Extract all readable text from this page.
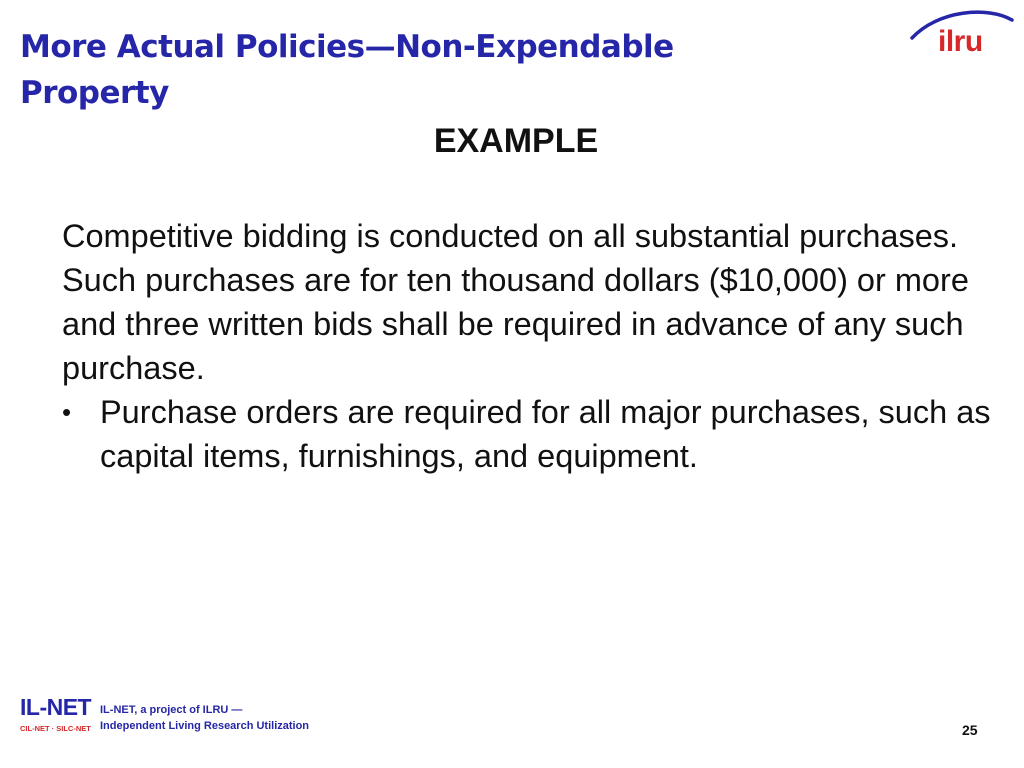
More Actual Policies—Non-Expendable Property
ilru
EXAMPLE

Competitive bidding is conducted on all substantial purchases. Such purchases are for ten thousand dollars ($10,000) or more and three written bids shall be required in advance of any such purchase.

• Purchase orders are required for all major purchases, such as capital items, furnishings, and equipment.
IL-NET
CIL-NET · SILC-NET
IL-NET, a project of ILRU —
Independent Living Research Utilization	25
